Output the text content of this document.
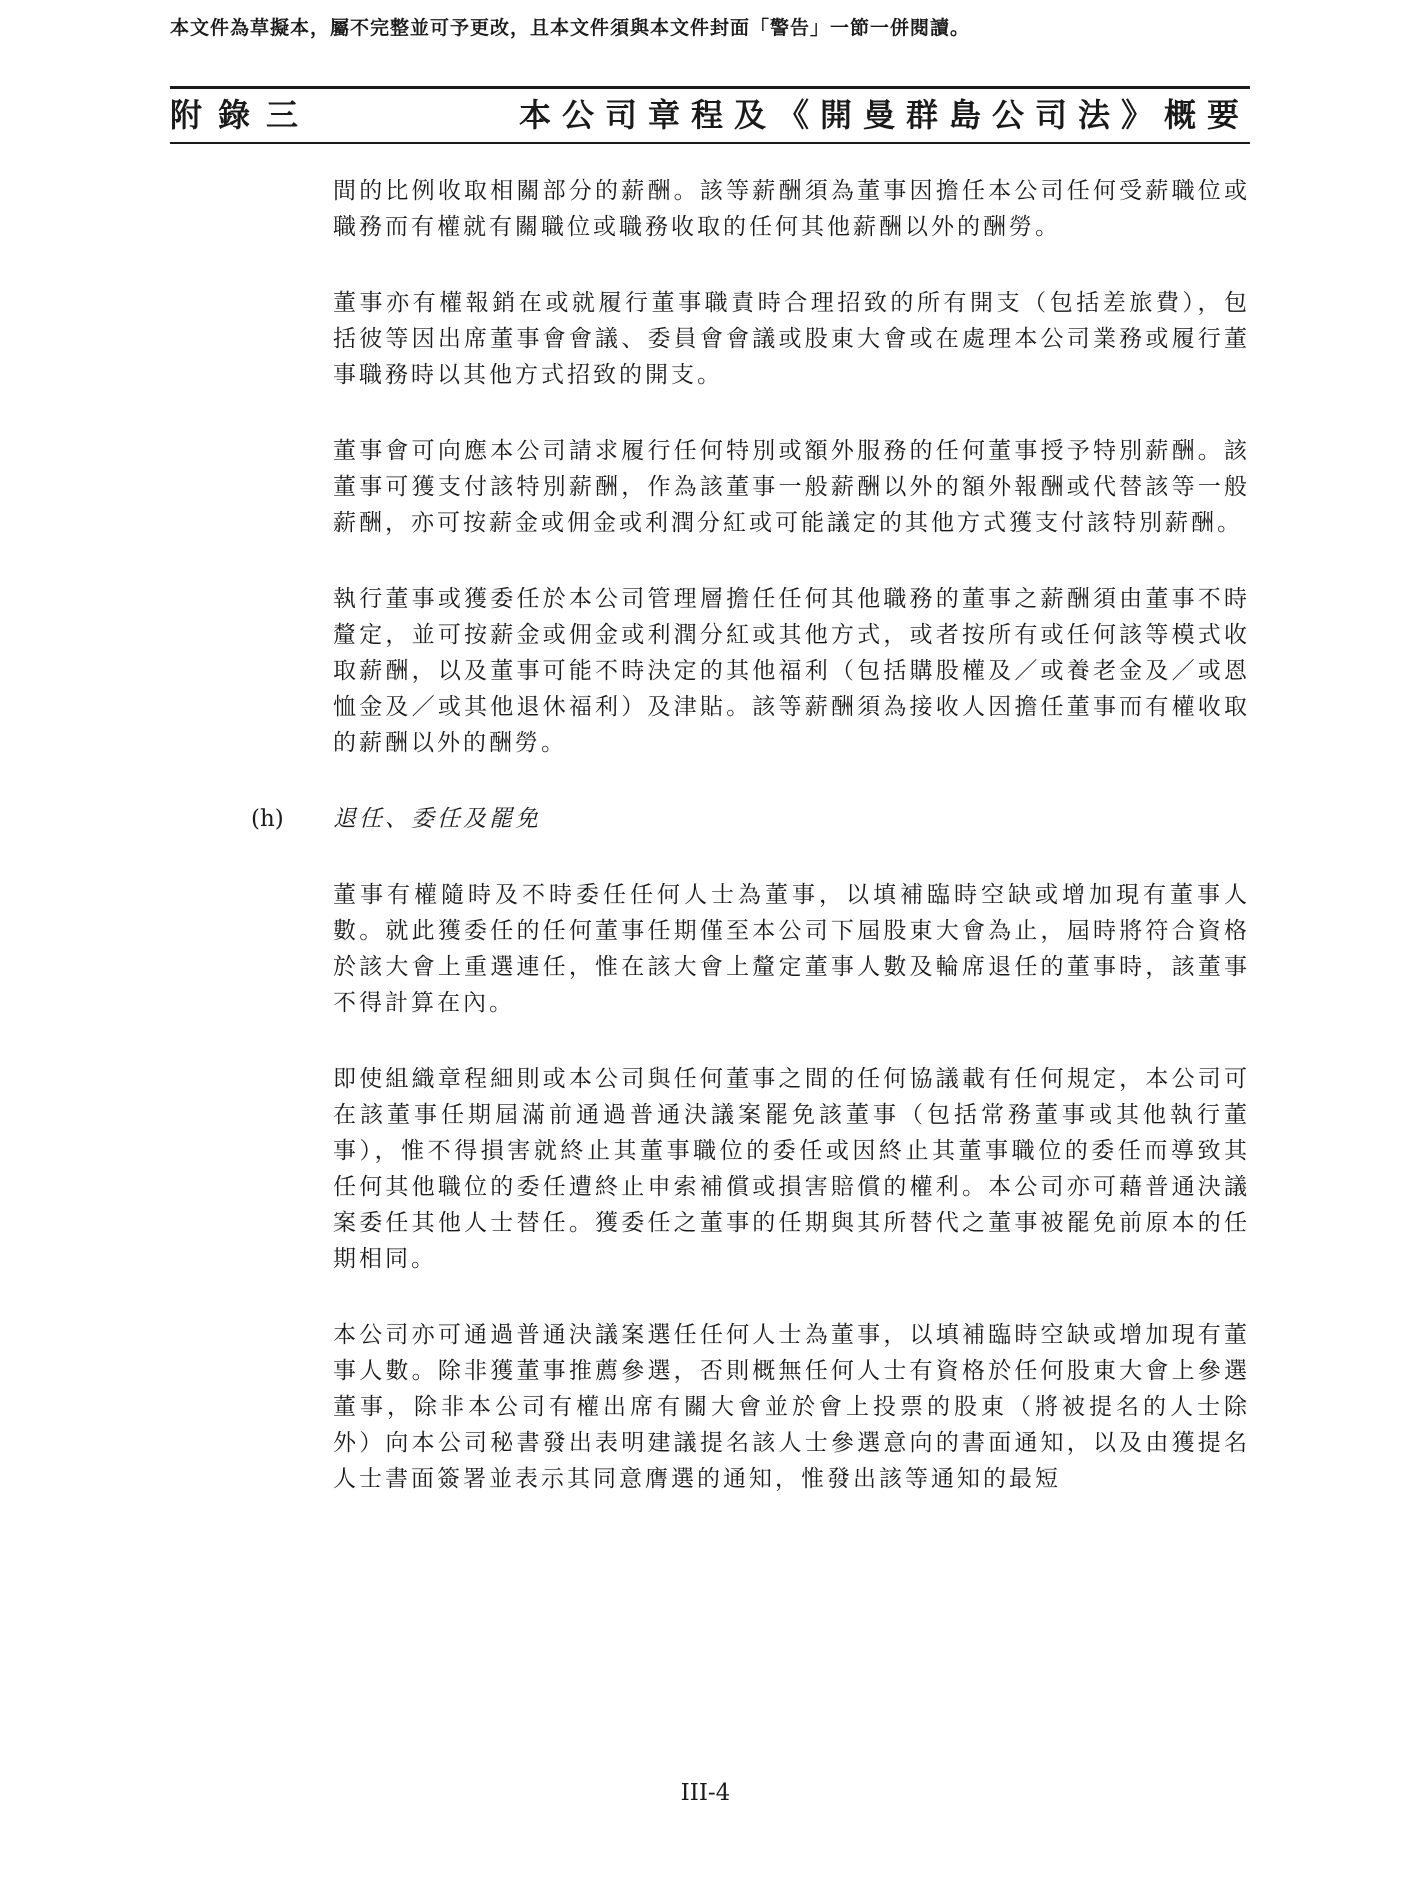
本文件為草擬本，屬不完整並可予更改，且本文件須與本文件封面「警告」一節一併閱讀。
附錄三	本公司章程及《開曼群島公司法》概要

間的比例收取相關部分的薪酬。該等薪酬須為董事因擔任本公司任何受薪職位或職務而有權就有關職位或職務收取的任何其他薪酬以外的酬勞。

董事亦有權報銷在或就履行董事職責時合理招致的所有開支（包括差旅費），包括彼等因出席董事會會議、委員會會議或股東大會或在處理本公司業務或履行董事職務時以其他方式招致的開支。

董事會可向應本公司請求履行任何特別或額外服務的任何董事授予特別薪酬。該董事可獲支付該特別薪酬，作為該董事一般薪酬以外的額外報酬或代替該等一般薪酬，亦可按薪金或佣金或利潤分紅或可能議定的其他方式獲支付該特別薪酬。

執行董事或獲委任於本公司管理層擔任任何其他職務的董事之薪酬須由董事不時釐定，並可按薪金或佣金或利潤分紅或其他方式，或者按所有或任何該等模式收取薪酬，以及董事可能不時決定的其他福利（包括購股權及／或養老金及／或恩恤金及／或其他退休福利）及津貼。該等薪酬須為接收人因擔任董事而有權收取的薪酬以外的酬勞。

(h) 退任、委任及罷免

董事有權隨時及不時委任任何人士為董事，以填補臨時空缺或增加現有董事人數。就此獲委任的任何董事任期僅至本公司下屆股東大會為止，屆時將符合資格於該大會上重選連任，惟在該大會上釐定董事人數及輪席退任的董事時，該董事不得計算在內。

即使組織章程細則或本公司與任何董事之間的任何協議載有任何規定，本公司可在該董事任期屆滿前通過普通決議案罷免該董事（包括常務董事或其他執行董事），惟不得損害就終止其董事職位的委任或因終止其董事職位的委任而導致其任何其他職位的委任遭終止申索補償或損害賠償的權利。本公司亦可藉普通決議案委任其他人士替任。獲委任之董事的任期與其所替代之董事被罷免前原本的任期相同。

本公司亦可通過普通決議案選任任何人士為董事，以填補臨時空缺或增加現有董事人數。除非獲董事推薦參選，否則概無任何人士有資格於任何股東大會上參選董事，除非本公司有權出席有關大會並於會上投票的股東（將被提名的人士除外）向本公司秘書發出表明建議提名該人士參選意向的書面通知，以及由獲提名人士書面簽署並表示其同意膺選的通知，惟發出該等通知的最短

III-4
